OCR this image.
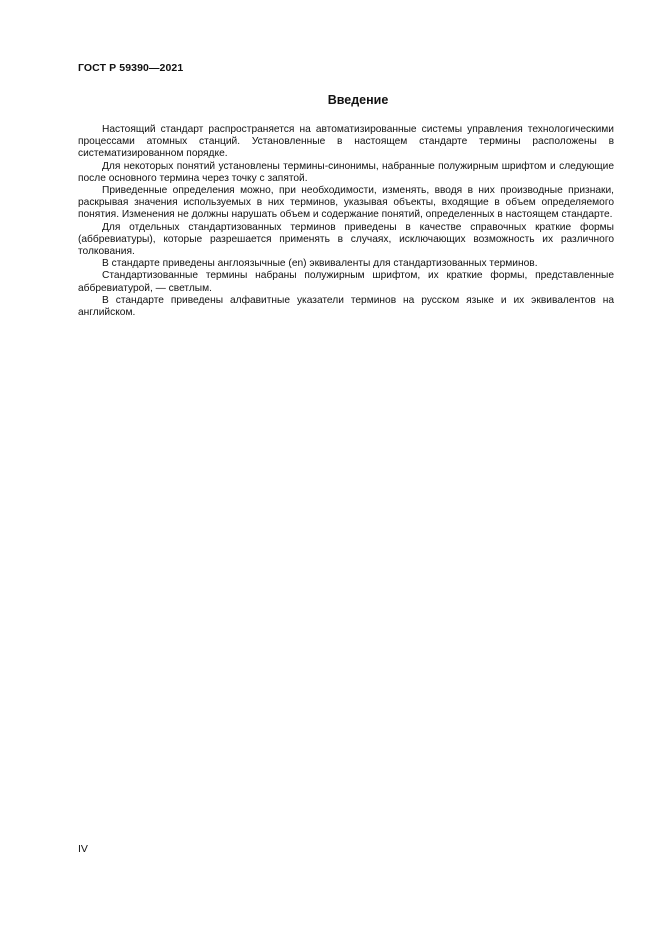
ГОСТ Р 59390—2021
Введение

Настоящий стандарт распространяется на автоматизированные системы управления технологическими процессами атомных станций. Установленные в настоящем стандарте термины расположены в систематизированном порядке.

Для некоторых понятий установлены термины-синонимы, набранные полужирным шрифтом и следующие после основного термина через точку с запятой.

Приведенные определения можно, при необходимости, изменять, вводя в них производные признаки, раскрывая значения используемых в них терминов, указывая объекты, входящие в объем определяемого понятия. Изменения не должны нарушать объем и содержание понятий, определенных в настоящем стандарте.

Для отдельных стандартизованных терминов приведены в качестве справочных краткие формы (аббревиатуры), которые разрешается применять в случаях, исключающих возможность их различного толкования.

В стандарте приведены англоязычные (en) эквиваленты для стандартизованных терминов.

Стандартизованные термины набраны полужирным шрифтом, их краткие формы, представленные аббревиатурой, — светлым.

В стандарте приведены алфавитные указатели терминов на русском языке и их эквивалентов на английском.

IV
